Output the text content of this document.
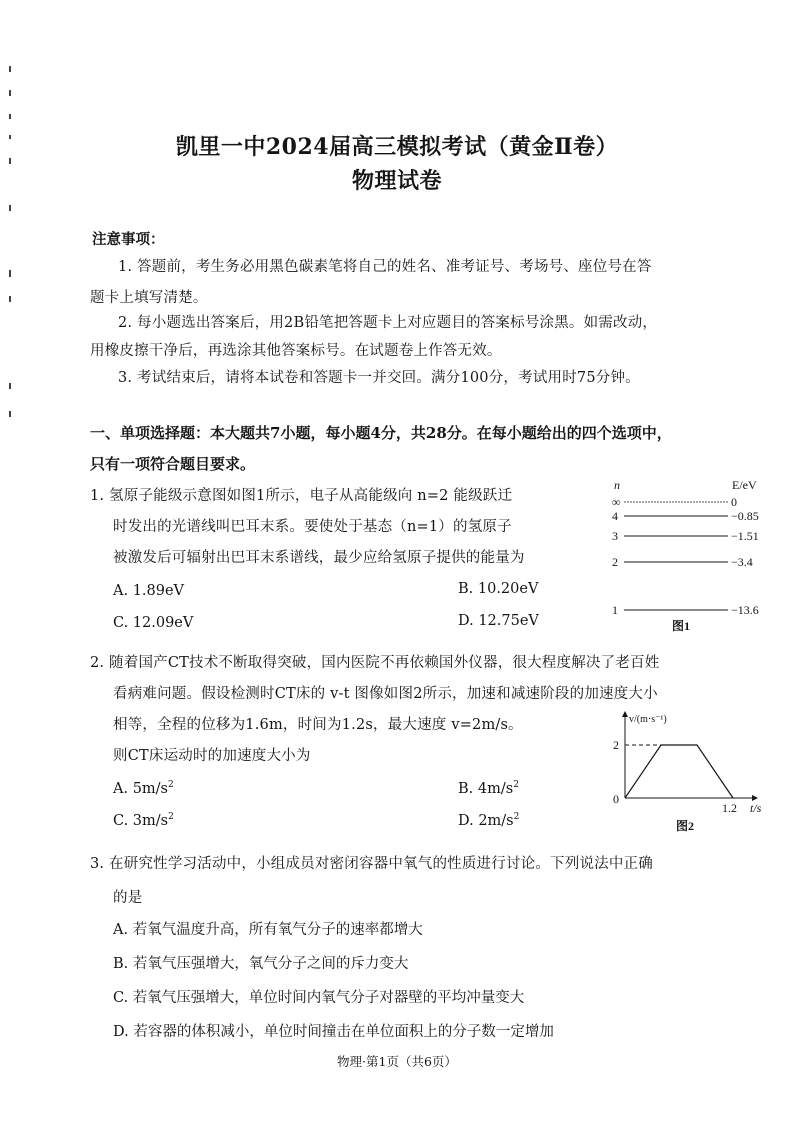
凯里一中2024届高三模拟考试（黄金Ⅱ卷）
物理试卷
注意事项：
1. 答题前，考生务必用黑色碳素笔将自己的姓名、准考证号、考场号、座位号在答
题卡上填写清楚。
2. 每小题选出答案后，用2B铅笔把答题卡上对应题目的答案标号涂黑。如需改动，
用橡皮擦干净后，再选涂其他答案标号。在试题卷上作答无效。
3. 考试结束后，请将本试卷和答题卡一并交回。满分100分，考试用时75分钟。
一、单项选择题：本大题共7小题，每小题4分，共28分。在每小题给出的四个选项中，
只有一项符合题目要求。
1. 氢原子能级示意图如图1所示，电子从高能级向 n=2 能级跃迁
时发出的光谱线叫巴耳末系。要使处于基态（n=1）的氢原子
被激发后可辐射出巴耳末系谱线，最少应给氢原子提供的能量为
A. 1.89eV	B. 10.20eV
C. 12.09eV	D. 12.75eV
n	E/eV
∞	0
4	−0.85
3	−1.51
2	−3.4
1	−13.6
图1
2. 随着国产CT技术不断取得突破，国内医院不再依赖国外仪器，很大程度解决了老百姓
看病难问题。假设检测时CT床的 v-t 图像如图2所示，加速和减速阶段的加速度大小
相等，全程的位移为1.6m，时间为1.2s，最大速度 v=2m/s。
则CT床运动时的加速度大小为
A. $5m/s^2$	B. $4m/s^2$
C. $3m/s^2$	D. $2m/s^2$
v/(m·s⁻¹)
2
0
1.2 t/s
图2
3. 在研究性学习活动中，小组成员对密闭容器中氧气的性质进行讨论。下列说法中正确
的是
A. 若氧气温度升高，所有氧气分子的速率都增大
B. 若氧气压强增大，氧气分子之间的斥力变大
C. 若氧气压强增大，单位时间内氧气分子对器壁的平均冲量变大
D. 若容器的体积减小，单位时间撞击在单位面积上的分子数一定增加
物理·第1页（共6页）
